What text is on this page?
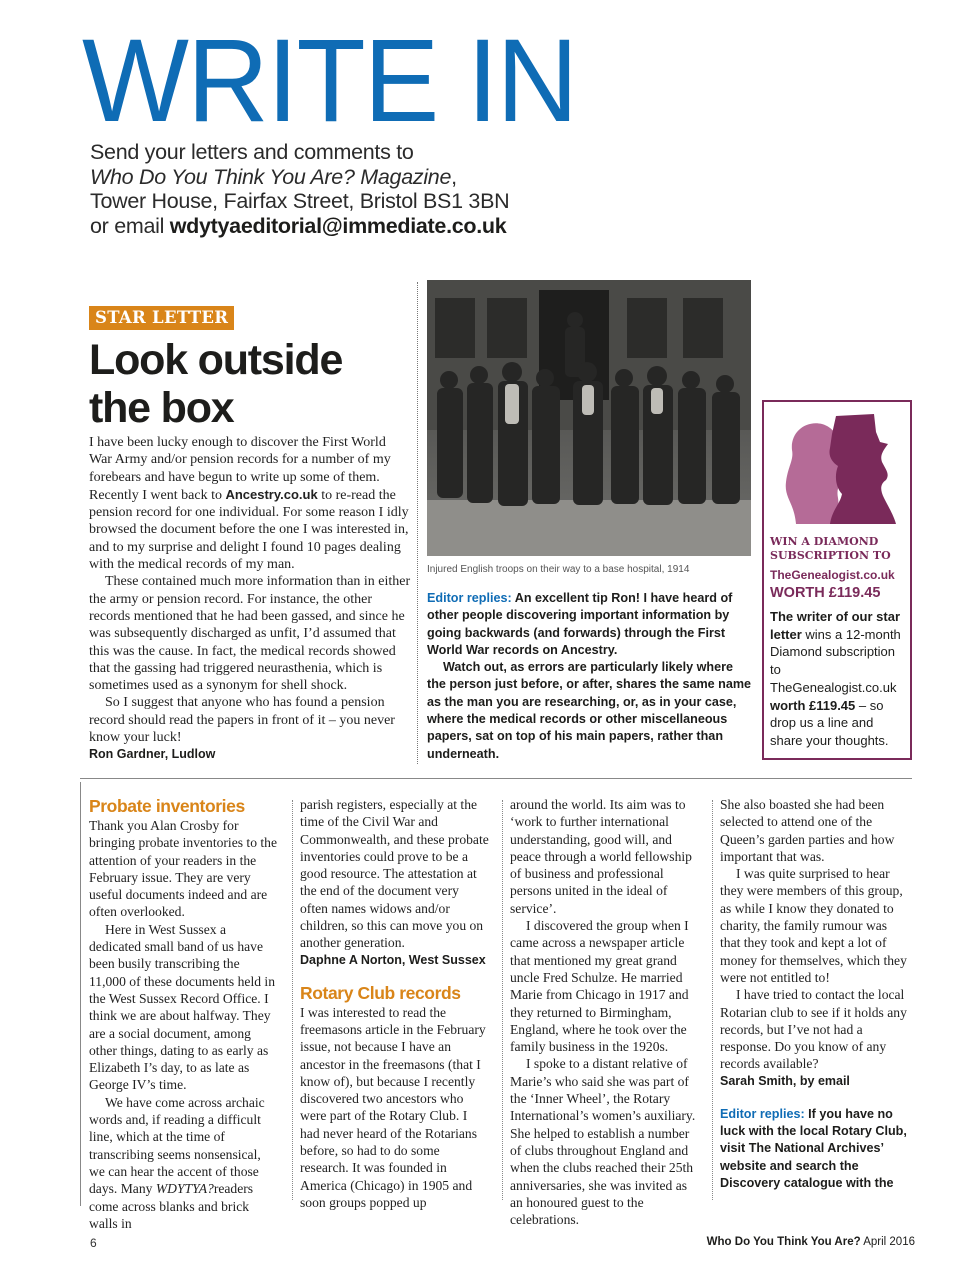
WRITE IN

Send your letters and comments to

Who Do You Think You Are? Magazine,

Tower House, Fairfax Street, Bristol BS1 3BN

or email wdytyaeditorial@immediate.co.uk

STAR LETTER
Look outside the box

I have been lucky enough to discover the First World War Army and/or pension records for a number of my forebears and have begun to write up some of them. Recently I went back to Ancestry.co.uk to re-read the pension record for one individual. For some reason I idly browsed the document before the one I was interested in, and to my surprise and delight I found 10 pages dealing with the medical records of my man.

These contained much more information than in either the army or pension record. For instance, the other records mentioned that he had been gassed, and since he was subsequently discharged as unfit, I’d assumed that this was the cause. In fact, the medical records showed that the gassing had triggered neurasthenia, which is sometimes used as a synonym for shell shock.

So I suggest that anyone who has found a pension record should read the papers in front of it – you never know your luck!

Ron Gardner, Ludlow
Injured English troops on their way to a base hospital, 1914

Editor replies: An excellent tip Ron! I have heard of other people discovering important information by going backwards (and forwards) through the First World War records on Ancestry.

Watch out, as errors are particularly likely where the person just before, or after, shares the same name as the man you are researching, or, as in your case, where the medical records or other miscellaneous papers, sat on top of his main papers, rather than underneath.

WIN A DIAMOND SUBSCRIPTION TO
TheGenealogist.co.uk
WORTH £119.45
The writer of our star letter wins a 12-month Diamond subscription to TheGenealogist.co.uk worth £119.45 – so drop us a line and share your thoughts.
Probate inventories

Thank you Alan Crosby for bringing probate inventories to the attention of your readers in the February issue. They are very useful documents indeed and are often overlooked.

Here in West Sussex a dedicated small band of us have been busily transcribing the 11,000 of these documents held in the West Sussex Record Office. I think we are about halfway. They are a social document, among other things, dating to as early as Elizabeth I’s day, to as late as George IV’s time.

We have come across archaic words and, if reading a difficult line, which at the time of transcribing seems nonsensical, we can hear the accent of those days. Many WDYTYA?readers come across blanks and brick walls in

parish registers, especially at the time of the Civil War and Commonwealth, and these probate inventories could prove to be a good resource. The attestation at the end of the document very often names widows and/or children, so this can move you on another generation.

Daphne A Norton, West Sussex
Rotary Club records

I was interested to read the freemasons article in the February issue, not because I have an ancestor in the freemasons (that I know of), but because I recently discovered two ancestors who were part of the Rotary Club. I had never heard of the Rotarians before, so had to do some research. It was founded in America (Chicago) in 1905 and soon groups popped up

around the world. Its aim was to ‘work to further international understanding, good will, and peace through a world fellowship of business and professional persons united in the ideal of service’.

I discovered the group when I came across a newspaper article that mentioned my great grand uncle Fred Schulze. He married Marie from Chicago in 1917 and they returned to Birmingham, England, where he took over the family business in the 1920s.

I spoke to a distant relative of Marie’s who said she was part of the ‘Inner Wheel’, the Rotary International’s women’s auxiliary. She helped to establish a number of clubs throughout England and when the clubs reached their 25th anniversaries, she was invited as an honoured guest to the celebrations.

She also boasted she had been selected to attend one of the Queen’s garden parties and how important that was.

I was quite surprised to hear they were members of this group, as while I know they donated to charity, the family rumour was that they took and kept a lot of money for themselves, which they were not entitled to!

I have tried to contact the local Rotarian club to see if it holds any records, but I’ve not had a response. Do you know of any records available?

Sarah Smith, by email
Editor replies: If you have no luck with the local Rotary Club, visit The National Archives’ website and search the Discovery catalogue with the
6	Who Do You Think You Are? April 2016
